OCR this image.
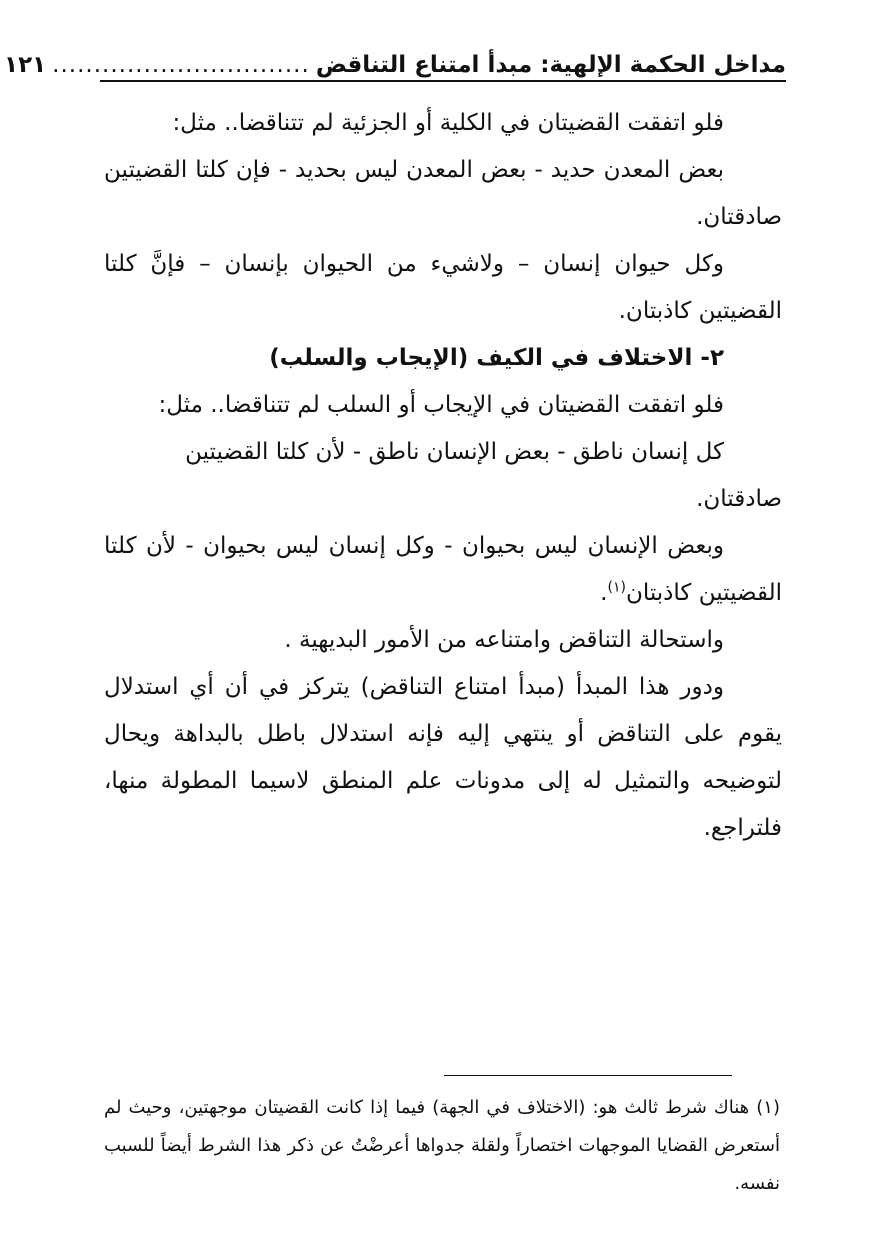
مداخل الحكمة الإلهية: مبدأ امتناع التناقض
...............................
١٢١

فلو اتفقت القضيتان في الكلية أو الجزئية لم تتناقضا.. مثل:

بعض المعدن حديد - بعض المعدن ليس بحديد - فإن كلتا القضيتين صادقتان.

وكل حيوان إنسان – ولاشيء من الحيوان بإنسان – فإنَّ كلتا القضيتين كاذبتان.

٢- الاختلاف في الكيف (الإيجاب والسلب)

فلو اتفقت القضيتان في الإيجاب أو السلب لم تتناقضا.. مثل:

كل إنسان ناطق - بعض الإنسان ناطق - لأن كلتا القضيتين صادقتان.

وبعض الإنسان ليس بحيوان - وكل إنسان ليس بحيوان - لأن كلتا القضيتين كاذبتان$^{(١)}$.

واستحالة التناقض وامتناعه من الأمور البديهية .

ودور هذا المبدأ (مبدأ امتناع التناقض) يتركز في أن أي استدلال يقوم على التناقض أو ينتهي إليه فإنه استدلال باطل بالبداهة ويحال لتوضيحه والتمثيل له إلى مدونات علم المنطق لاسيما المطولة منها، فلتراجع.

(١) هناك شرط ثالث هو: (الاختلاف في الجهة) فيما إذا كانت القضيتان موجهتين، وحيث لم أستعرض القضايا الموجهات اختصاراً ولقلة جدواها أعرضْتُ عن ذكر هذا الشرط أيضاً للسبب نفسه.
